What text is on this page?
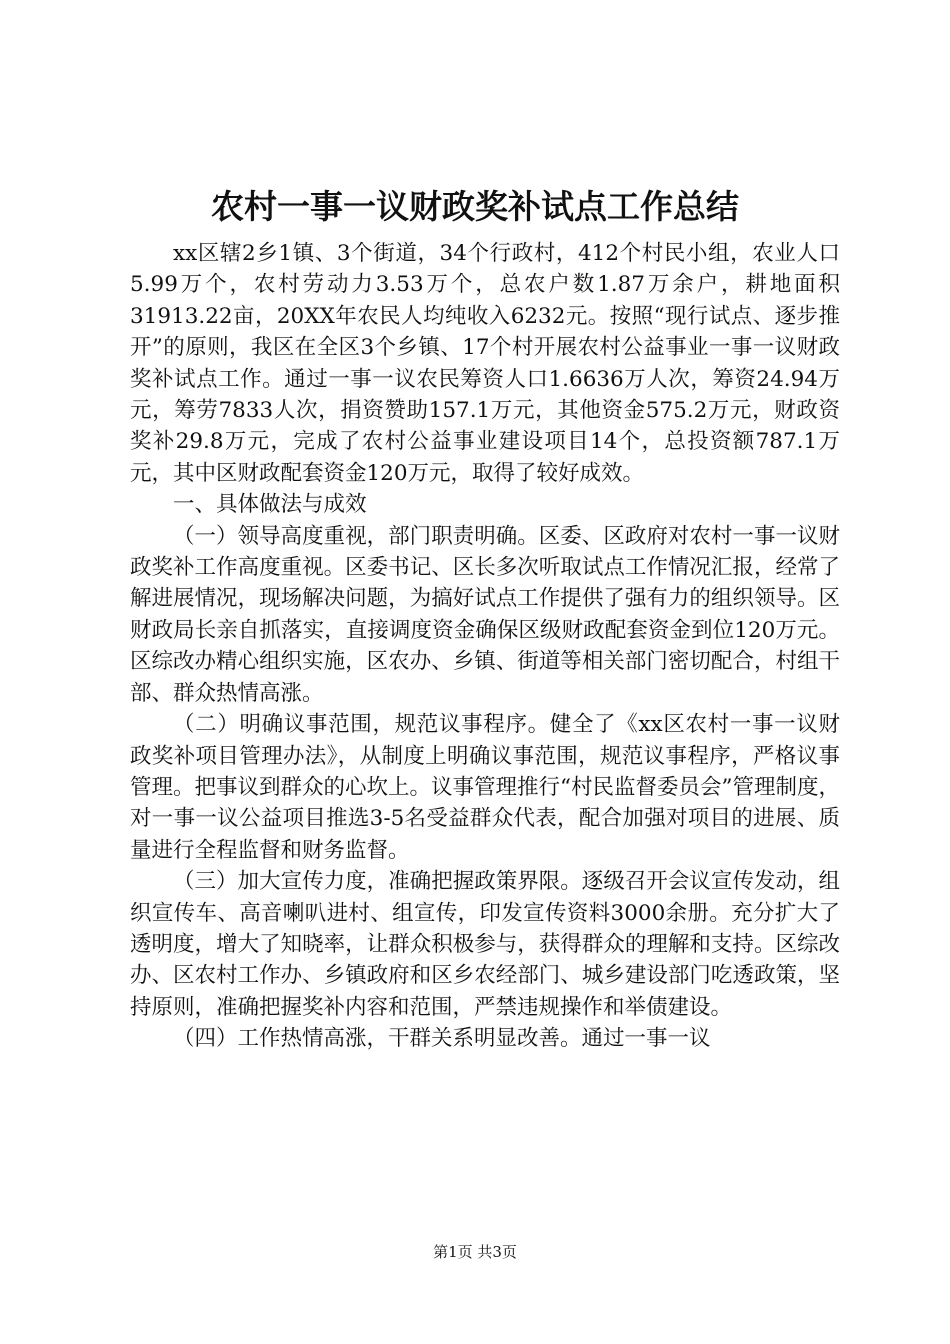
农村一事一议财政奖补试点工作总结

xx区辖2乡1镇、3个街道，34个行政村，412个村民小组，农业人口5.99万个，农村劳动力3.53万个，总农户数1.87万余户，耕地面积31913.22亩，20XX年农民人均纯收入6232元。按照“现行试点、逐步推开”的原则，我区在全区3个乡镇、17个村开展农村公益事业一事一议财政奖补试点工作。通过一事一议农民筹资人口1.6636万人次，筹资24.94万元，筹劳7833人次，捐资赞助157.1万元，其他资金575.2万元，财政资奖补29.8万元，完成了农村公益事业建设项目14个，总投资额787.1万元，其中区财政配套资金120万元，取得了较好成效。

一、具体做法与成效

（一）领导高度重视，部门职责明确。区委、区政府对农村一事一议财政奖补工作高度重视。区委书记、区长多次听取试点工作情况汇报，经常了解进展情况，现场解决问题，为搞好试点工作提供了强有力的组织领导。区财政局长亲自抓落实，直接调度资金确保区级财政配套资金到位120万元。区综改办精心组织实施，区农办、乡镇、街道等相关部门密切配合，村组干部、群众热情高涨。

（二）明确议事范围，规范议事程序。健全了《xx区农村一事一议财政奖补项目管理办法》，从制度上明确议事范围，规范议事程序，严格议事管理。把事议到群众的心坎上。议事管理推行“村民监督委员会”管理制度，对一事一议公益项目推选3-5名受益群众代表，配合加强对项目的进展、质量进行全程监督和财务监督。

（三）加大宣传力度，准确把握政策界限。逐级召开会议宣传发动，组织宣传车、高音喇叭进村、组宣传，印发宣传资料3000余册。充分扩大了透明度，增大了知晓率，让群众积极参与，获得群众的理解和支持。区综改办、区农村工作办、乡镇政府和区乡农经部门、城乡建设部门吃透政策，坚持原则，准确把握奖补内容和范围，严禁违规操作和举债建设。

（四）工作热情高涨，干群关系明显改善。通过一事一议

第1页 共3页
